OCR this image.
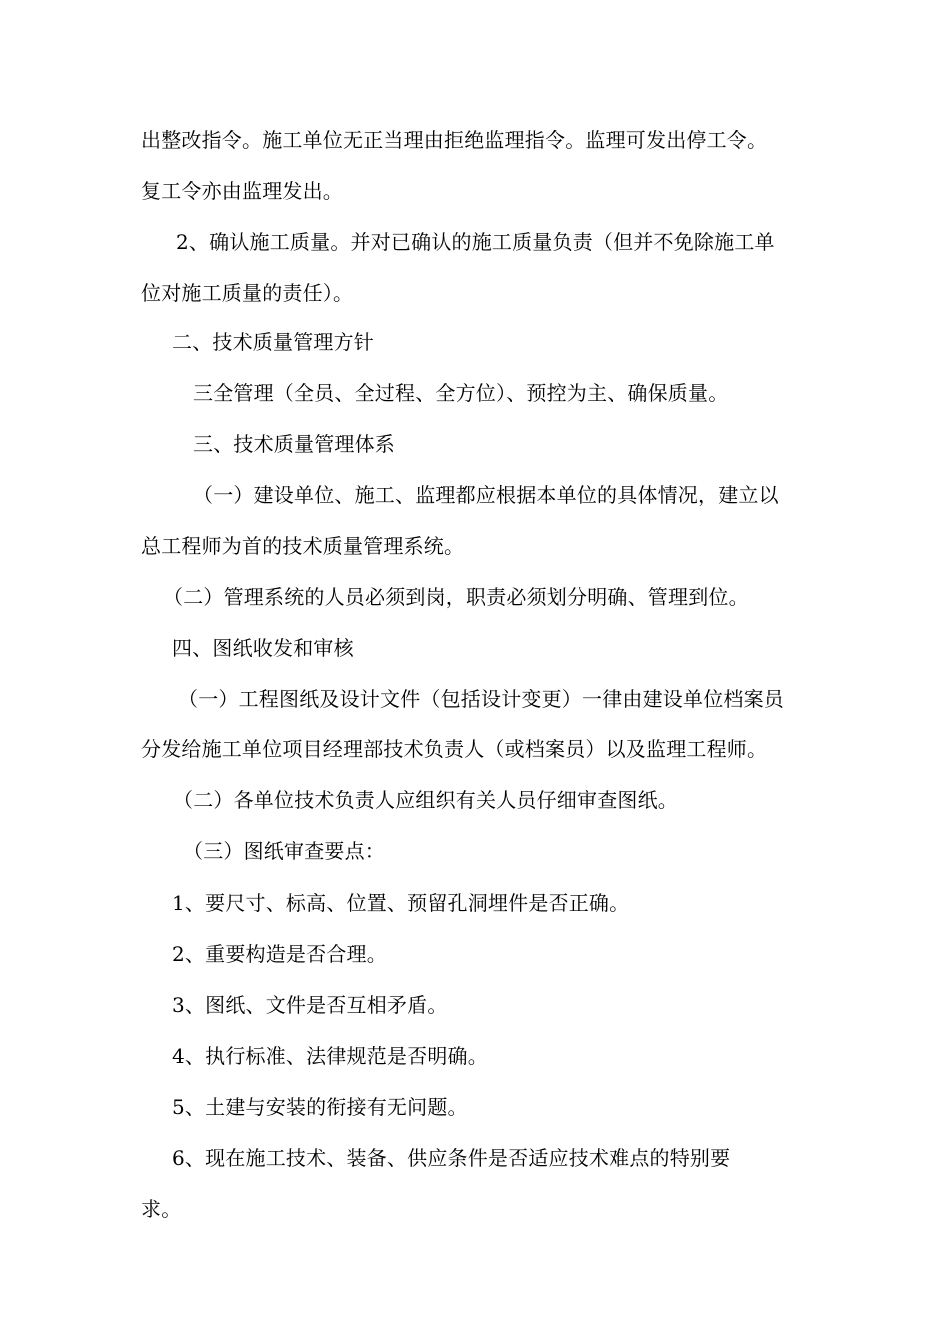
出整改指令。施工单位无正当理由拒绝监理指令。监理可发出停工令。
复工令亦由监理发出。
2、确认施工质量。并对已确认的施工质量负责（但并不免除施工单
位对施工质量的责任）。
二、技术质量管理方针
三全管理（全员、全过程、全方位）、预控为主、确保质量。
三、技术质量管理体系
（一）建设单位、施工、监理都应根据本单位的具体情况，建立以
总工程师为首的技术质量管理系统。
（二）管理系统的人员必须到岗，职责必须划分明确、管理到位。
四、图纸收发和审核
（一）工程图纸及设计文件（包括设计变更）一律由建设单位档案员
分发给施工单位项目经理部技术负责人（或档案员）以及监理工程师。
（二）各单位技术负责人应组织有关人员仔细审查图纸。
（三）图纸审查要点：
1、要尺寸、标高、位置、预留孔洞埋件是否正确。
2、重要构造是否合理。
3、图纸、文件是否互相矛盾。
4、执行标准、法律规范是否明确。
5、土建与安装的衔接有无问题。
6、现在施工技术、装备、供应条件是否适应技术难点的特别要
求。
